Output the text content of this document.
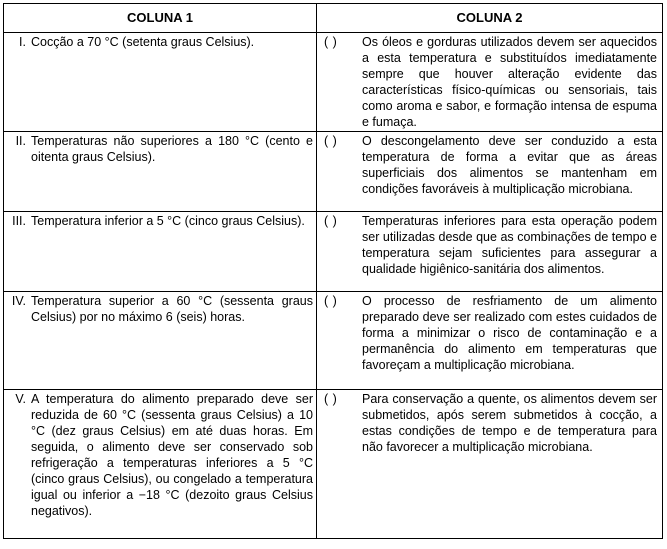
COLUNA 1	COLUNA 2

I. Cocção a 70 °C (setenta graus Celsius).	( ) Os óleos e gorduras utilizados devem ser aquecidos a esta temperatura e substituídos imediatamente sempre que houver alteração evidente das características físico-químicas ou sensoriais, tais como aroma e sabor, e formação intensa de espuma e fumaça.

II. Temperaturas não superiores a 180 °C (cento e oitenta graus Celsius).	( ) O descongelamento deve ser conduzido a esta temperatura de forma a evitar que as áreas superficiais dos alimentos se mantenham em condições favoráveis à multiplicação microbiana.

III. Temperatura inferior a 5 °C (cinco graus Celsius).	( ) Temperaturas inferiores para esta operação podem ser utilizadas desde que as combinações de tempo e temperatura sejam suficientes para assegurar a qualidade higiênico-sanitária dos alimentos.

IV. Temperatura superior a 60 °C (sessenta graus Celsius) por no máximo 6 (seis) horas.	( ) O processo de resfriamento de um alimento preparado deve ser realizado com estes cuidados de forma a minimizar o risco de contaminação e a permanência do alimento em temperaturas que favoreçam a multiplicação microbiana.

V. A temperatura do alimento preparado deve ser reduzida de 60 °C (sessenta graus Celsius) a 10 °C (dez graus Celsius) em até duas horas. Em seguida, o alimento deve ser conservado sob refrigeração a temperaturas inferiores a 5 °C (cinco graus Celsius), ou congelado a temperatura igual ou inferior a −18 °C (dezoito graus Celsius negativos).	( ) Para conservação a quente, os alimentos devem ser submetidos, após serem submetidos à cocção, a estas condições de tempo e de temperatura para não favorecer a multiplicação microbiana.
